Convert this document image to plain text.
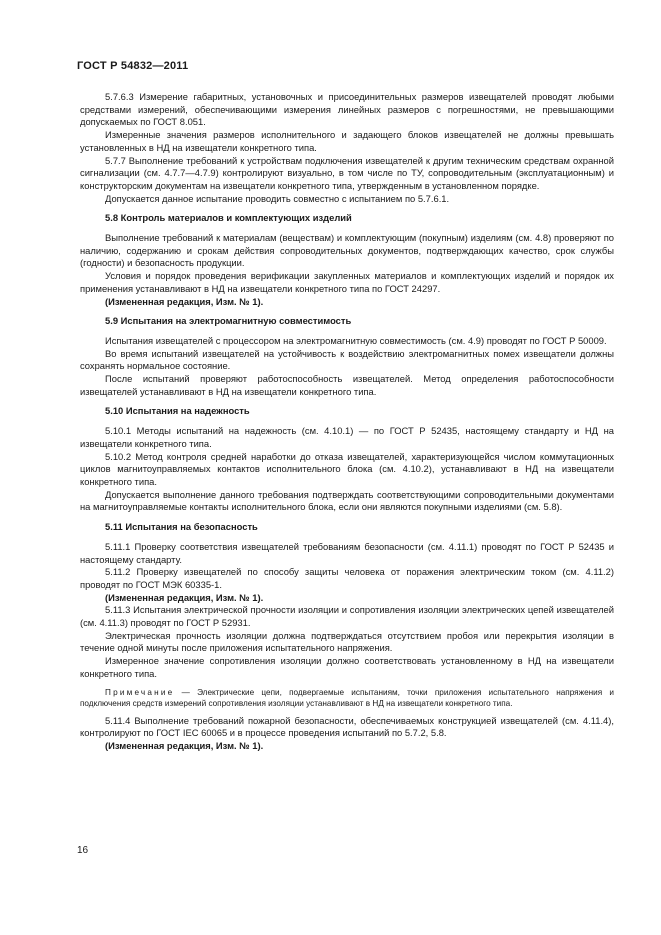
ГОСТ Р 54832—2011

5.7.6.3 Измерение габаритных, установочных и присоединительных размеров извещателей проводят любыми средствами измерений, обеспечивающими измерения линейных размеров с погрешностями, не превышающими допускаемых по ГОСТ 8.051.

Измеренные значения размеров исполнительного и задающего блоков извещателей не должны превышать установленных в НД на извещатели конкретного типа.

5.7.7 Выполнение требований к устройствам подключения извещателей к другим техническим средствам охранной сигнализации (см. 4.7.7—4.7.9) контролируют визуально, в том числе по ТУ, сопроводительным (эксплуатационным) и конструкторским документам на извещатели конкретного типа, утвержденным в установленном порядке.

Допускается данное испытание проводить совместно с испытанием по 5.7.6.1.

5.8 Контроль материалов и комплектующих изделий

Выполнение требований к материалам (веществам) и комплектующим (покупным) изделиям (см. 4.8) проверяют по наличию, содержанию и срокам действия сопроводительных документов, подтверждающих качество, срок службы (годности) и безопасность продукции.

Условия и порядок проведения верификации закупленных материалов и комплектующих изделий и порядок их применения устанавливают в НД на извещатели конкретного типа по ГОСТ 24297.

(Измененная редакция, Изм. № 1).

5.9 Испытания на электромагнитную совместимость

Испытания извещателей с процессором на электромагнитную совместимость (см. 4.9) проводят по ГОСТ Р 50009.

Во время испытаний извещателей на устойчивость к воздействию электромагнитных помех извещатели должны сохранять нормальное состояние.

После испытаний проверяют работоспособность извещателей. Метод определения работоспособности извещателей устанавливают в НД на извещатели конкретного типа.

5.10 Испытания на надежность

5.10.1 Методы испытаний на надежность (см. 4.10.1) — по ГОСТ Р 52435, настоящему стандарту и НД на извещатели конкретного типа.

5.10.2 Метод контроля средней наработки до отказа извещателей, характеризующейся числом коммутационных циклов магнитоуправляемых контактов исполнительного блока (см. 4.10.2), устанавливают в НД на извещатели конкретного типа.

Допускается выполнение данного требования подтверждать соответствующими сопроводительными документами на магнитоуправляемые контакты исполнительного блока, если они являются покупными изделиями (см. 5.8).

5.11 Испытания на безопасность

5.11.1 Проверку соответствия извещателей требованиям безопасности (см. 4.11.1) проводят по ГОСТ Р 52435 и настоящему стандарту.

5.11.2 Проверку извещателей по способу защиты человека от поражения электрическим током (см. 4.11.2) проводят по ГОСТ МЭК 60335-1.

(Измененная редакция, Изм. № 1).

5.11.3 Испытания электрической прочности изоляции и сопротивления изоляции электрических цепей извещателей (см. 4.11.3) проводят по ГОСТ Р 52931.

Электрическая прочность изоляции должна подтверждаться отсутствием пробоя или перекрытия изоляции в течение одной минуты после приложения испытательного напряжения.

Измеренное значение сопротивления изоляции должно соответствовать установленному в НД на извещатели конкретного типа.

Примечание — Электрические цепи, подвергаемые испытаниям, точки приложения испытательного напряжения и подключения средств измерений сопротивления изоляции устанавливают в НД на извещатели конкретного типа.

5.11.4 Выполнение требований пожарной безопасности, обеспечиваемых конструкцией извещателей (см. 4.11.4), контролируют по ГОСТ IEC 60065 и в процессе проведения испытаний по 5.7.2, 5.8.

(Измененная редакция, Изм. № 1).

16
